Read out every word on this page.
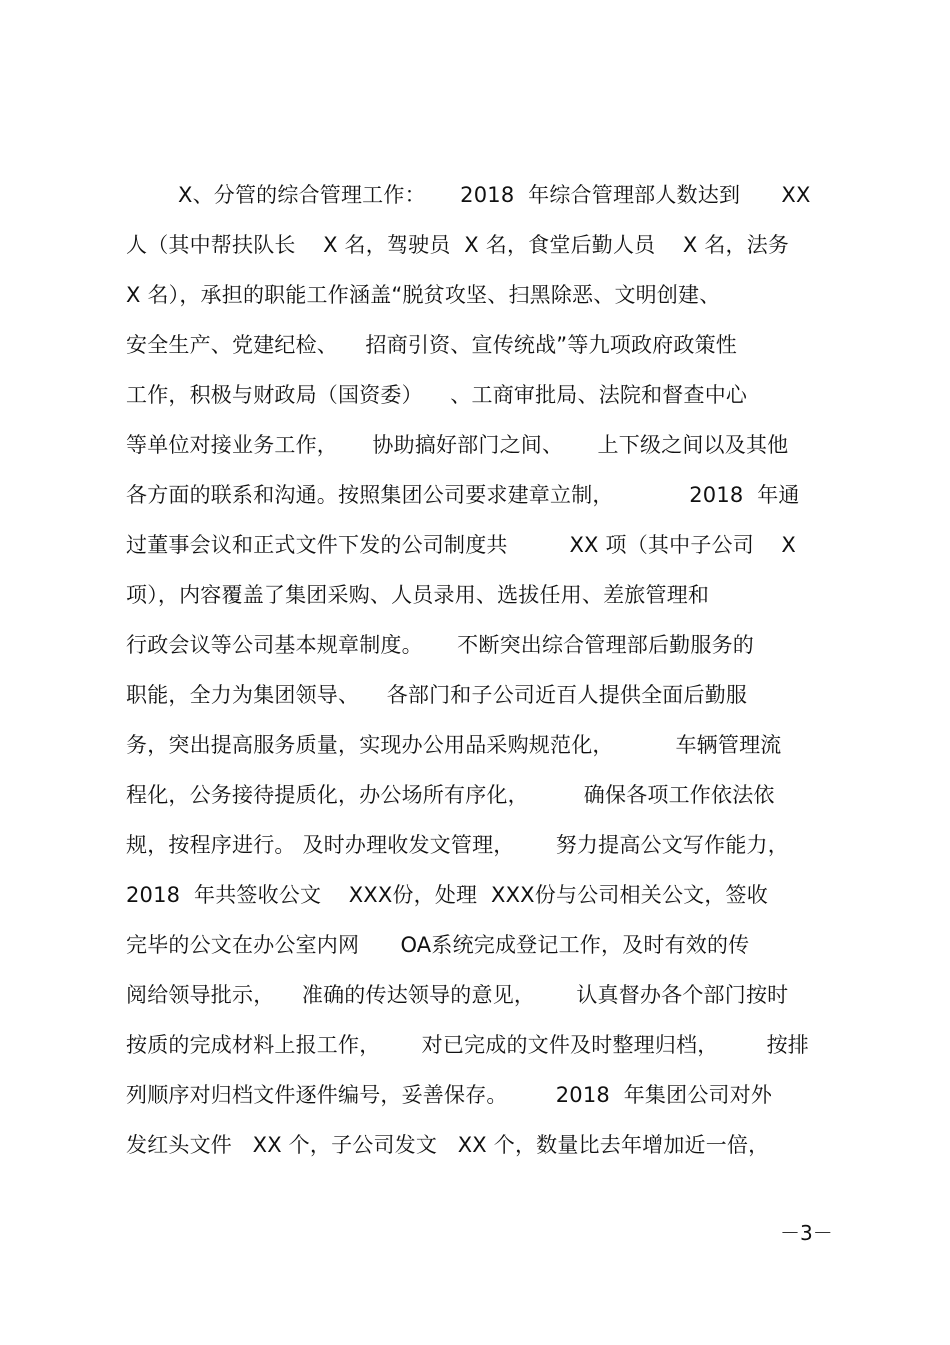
X、分管的综合管理工作：     2018  年综合管理部人数达到      XX
人（其中帮扶队长    X 名，驾驶员  X 名，食堂后勤人员    X 名，法务
X 名），承担的职能工作涵盖“脱贫攻坚、扫黑除恶、文明创建、
安全生产、党建纪检、    招商引资、宣传统战”等九项政府政策性
工作，积极与财政局（国资委）    、工商审批局、法院和督查中心
等单位对接业务工作，     协助搞好部门之间、     上下级之间以及其他
各方面的联系和沟通。按照集团公司要求建章立制，           2018  年通
过董事会议和正式文件下发的公司制度共         XX 项（其中子公司    X
项），内容覆盖了集团采购、人员录用、选拔任用、差旅管理和
行政会议等公司基本规章制度。     不断突出综合管理部后勤服务的
职能，全力为集团领导、    各部门和子公司近百人提供全面后勤服
务，突出提高服务质量，实现办公用品采购规范化，         车辆管理流
程化，公务接待提质化，办公场所有序化，        确保各项工作依法依
规，按程序进行。 及时办理收发文管理，      努力提高公文写作能力，
2018  年共签收公文    XXX份，处理  XXX份与公司相关公文，签收
完毕的公文在办公室内网      OA系统完成登记工作，及时有效的传
阅给领导批示，    准确的传达领导的意见，      认真督办各个部门按时
按质的完成材料上报工作，      对已完成的文件及时整理归档，       按排
列顺序对归档文件逐件编号，妥善保存。       2018  年集团公司对外
发红头文件   XX 个，子公司发文   XX 个，数量比去年增加近一倍，
－3－
